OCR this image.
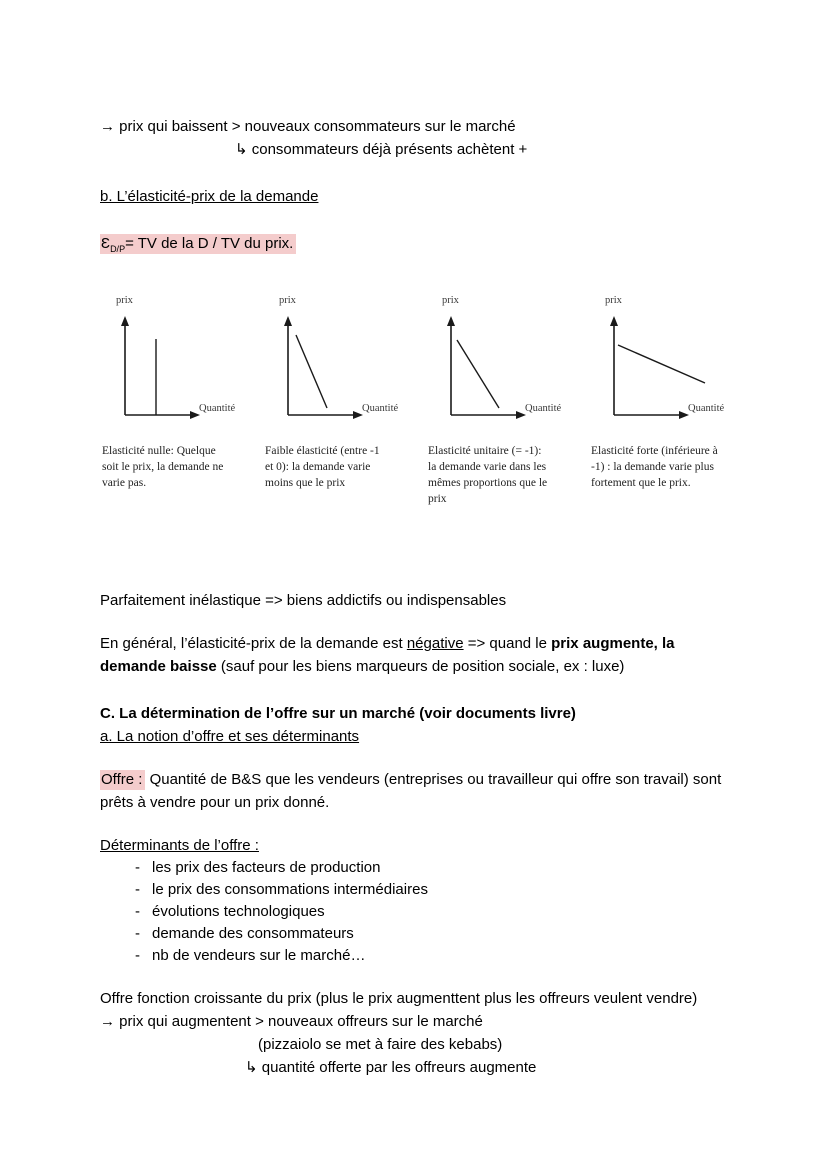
→ prix qui baissent > nouveaux consommateurs sur le marché

↳ consommateurs déjà présents achètent +

b. L’élasticité-prix de la demande

$Ɛ_{D/P}=$ TV de la D / TV du prix.

prix
Quantité
Elasticité nulle: Quelque soit le prix, la demande ne varie pas.
prix
Quantité
Faible élasticité (entre -1 et 0): la demande varie moins que le prix
prix
Quantité
Elasticité unitaire (= -1): la demande varie dans les mêmes proportions que le prix
prix
Quantité
Elasticité forte (inférieure à -1) : la demande varie plus fortement que le prix.

Parfaitement inélastique => biens addictifs ou indispensables

En général, l’élasticité-prix de la demande est négative => quand le prix augmente, la demande baisse (sauf pour les biens marqueurs de position sociale, ex : luxe)

C. La détermination de l’offre sur un marché (voir documents livre)

a. La notion d’offre et ses déterminants

Offre : Quantité de B&S que les vendeurs (entreprises ou travailleur qui offre son travail) sont prêts à vendre pour un prix donné.

Déterminants de l’offre :

- les prix des facteurs de production
- le prix des consommations intermédiaires
- évolutions technologiques
- demande des consommateurs
- nb de vendeurs sur le marché…

Offre fonction croissante du prix (plus le prix augmenttent plus les offreurs veulent vendre)

→ prix qui augmentent > nouveaux offreurs sur le marché

(pizzaiolo se met à faire des kebabs)

↳ quantité offerte par les offreurs augmente
